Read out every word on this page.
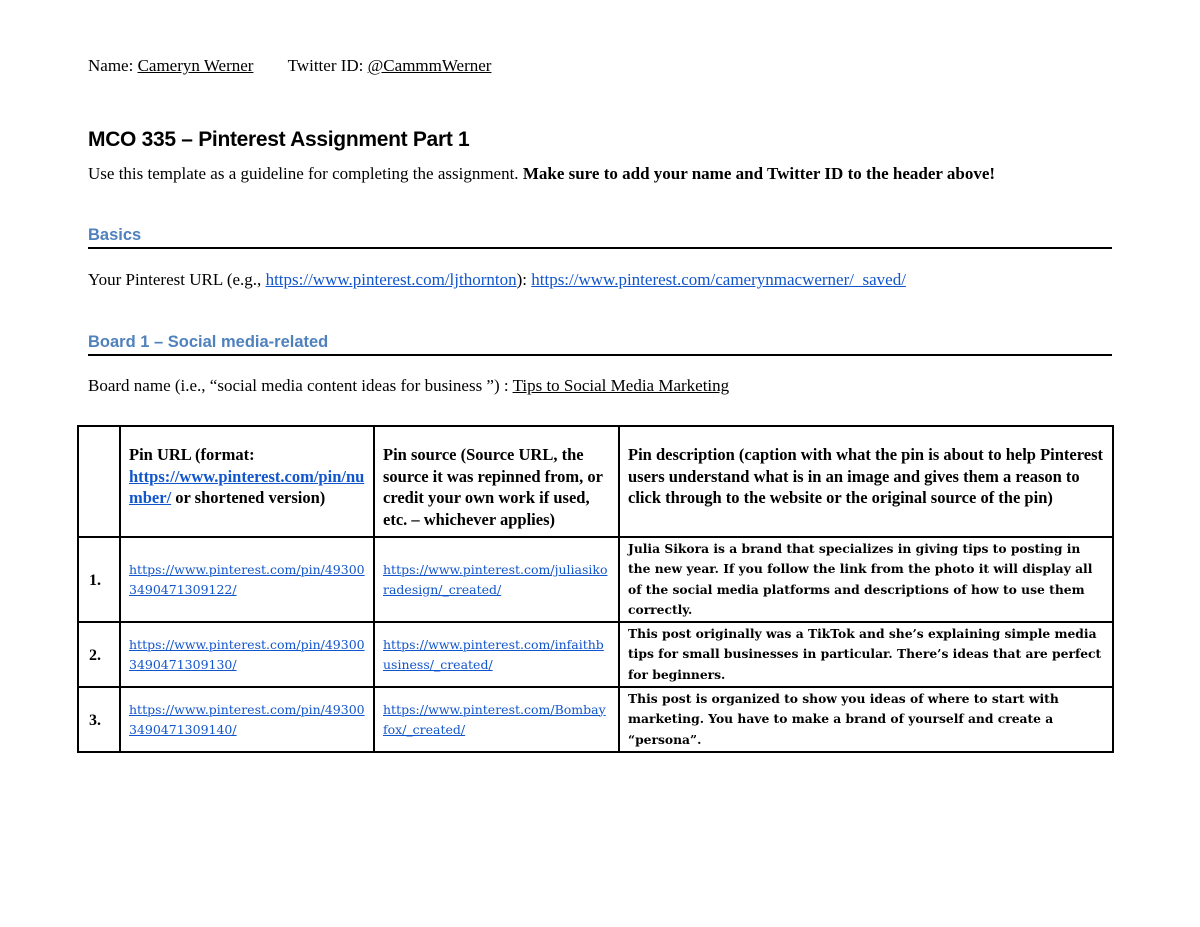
Name: Cameryn Werner Twitter ID: @CammmWerner
MCO 335 – Pinterest Assignment Part 1
Use this template as a guideline for completing the assignment. Make sure to add your name and Twitter ID to the header above!
Basics
Your Pinterest URL (e.g., https://www.pinterest.com/ljthornton): https://www.pinterest.com/camerynmacwerner/_saved/
Board 1 – Social media-related
Board name (i.e., “social media content ideas for business ”) : Tips to Social Media Marketing
	Pin URL (format:
https://www.pinterest.com/pin/number/ or shortened version)	Pin source (Source URL, the source it was repinned from, or credit your own work if used, etc. – whichever applies)	Pin description (caption with what the pin is about to help Pinterest users understand what is in an image and gives them a reason to click through to the website or the original source of the pin)
1.	https://www.pinterest.com/pin/493003490471309122/	https://www.pinterest.com/juliasikoradesign/_created/	Julia Sikora is a brand that specializes in giving tips to posting in the new year. If you follow the link from the photo it will display all of the social media platforms and descriptions of how to use them correctly.
2.	https://www.pinterest.com/pin/493003490471309130/	https://www.pinterest.com/infaithbusiness/_created/	This post originally was a TikTok and she’s explaining simple media tips for small businesses in particular. There’s ideas that are perfect for beginners.
3.	https://www.pinterest.com/pin/493003490471309140/	https://www.pinterest.com/Bombayfox/_created/	This post is organized to show you ideas of where to start with marketing. You have to make a brand of yourself and create a “persona”.
